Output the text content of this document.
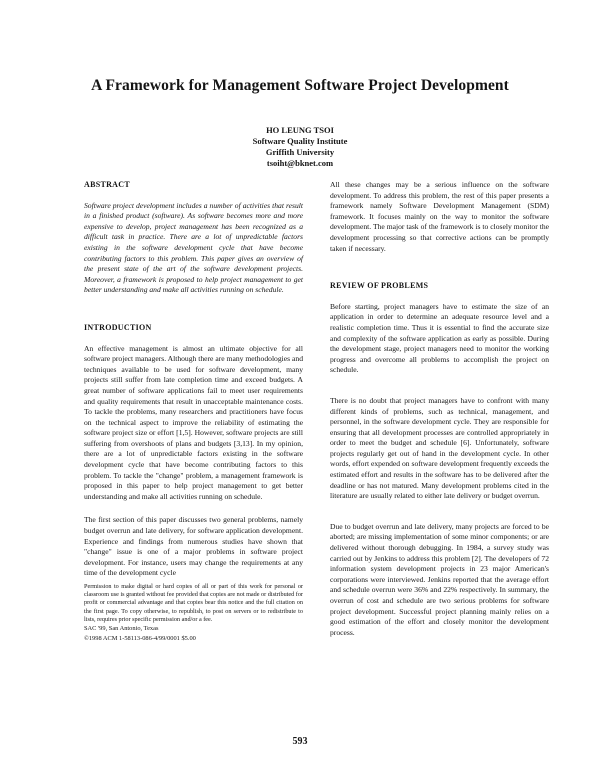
A Framework for Management Software Project Development
HO LEUNG TSOI
Software Quality Institute
Griffith University
tsoiht@bknet.com
ABSTRACT

Software project development includes a number of activities that result in a finished product (software). As software becomes more and more expensive to develop, project management has been recognized as a difficult task in practice. There are a lot of unpredictable factors existing in the software development cycle that have become contributing factors to this problem. This paper gives an overview of the present state of the art of the software development projects. Moreover, a framework is proposed to help project management to get better understanding and make all activities running on schedule.

INTRODUCTION

An effective management is almost an ultimate objective for all software project managers. Although there are many methodologies and techniques available to be used for software development, many projects still suffer from late completion time and exceed budgets. A great number of software applications fail to meet user requirements and quality requirements that result in unacceptable maintenance costs. To tackle the problems, many researchers and practitioners have focus on the technical aspect to improve the reliability of estimating the software project size or effort [1,5]. However, software projects are still suffering from overshoots of plans and budgets [3,13]. In my opinion, there are a lot of unpredictable factors existing in the software development cycle that have become contributing factors to this problem. To tackle the "change" problem, a management framework is proposed in this paper to help project management to get better understanding and make all activities running on schedule.

The first section of this paper discusses two general problems, namely budget overrun and late delivery, for software application development. Experience and findings from numerous studies have shown that "change" issue is one of a major problems in software project development. For instance, users may change the requirements at any time of the development cycle

Permission to make digital or hard copies of all or part of this work for personal or classroom use is granted without fee provided that copies are not made or distributed for profit or commercial advantage and that copies bear this notice and the full citation on the first page. To copy otherwise, to republish, to post on servers or to redistribute to lists, requires prior specific permission and/or a fee.

SAC '99, San Antonio, Texas
©1998 ACM 1-58113-086-4/99/0001 $5.00

All these changes may be a serious influence on the software development. To address this problem, the rest of this paper presents a framework namely Software Development Management (SDM) framework. It focuses mainly on the way to monitor the software development. The major task of the framework is to closely monitor the development processing so that corrective actions can be promptly taken if necessary.

REVIEW OF PROBLEMS

Before starting, project managers have to estimate the size of an application in order to determine an adequate resource level and a realistic completion time. Thus it is essential to find the accurate size and complexity of the software application as early as possible. During the development stage, project managers need to monitor the working progress and overcome all problems to accomplish the project on schedule.

There is no doubt that project managers have to confront with many different kinds of problems, such as technical, management, and personnel, in the software development cycle. They are responsible for ensuring that all development processes are controlled appropriately in order to meet the budget and schedule [6]. Unfortunately, software projects regularly get out of hand in the development cycle. In other words, effort expended on software development frequently exceeds the estimated effort and results in the software has to be delivered after the deadline or has not matured. Many development problems cited in the literature are usually related to either late delivery or budget overrun.

Due to budget overrun and late delivery, many projects are forced to be aborted; are missing implementation of some minor components; or are delivered without thorough debugging. In 1984, a survey study was carried out by Jenkins to address this problem [2]. The developers of 72 information system development projects in 23 major American's corporations were interviewed. Jenkins reported that the average effort and schedule overrun were 36% and 22% respectively. In summary, the overrun of cost and schedule are two serious problems for software project development. Successful project planning mainly relies on a good estimation of the effort and closely monitor the development process.

593
